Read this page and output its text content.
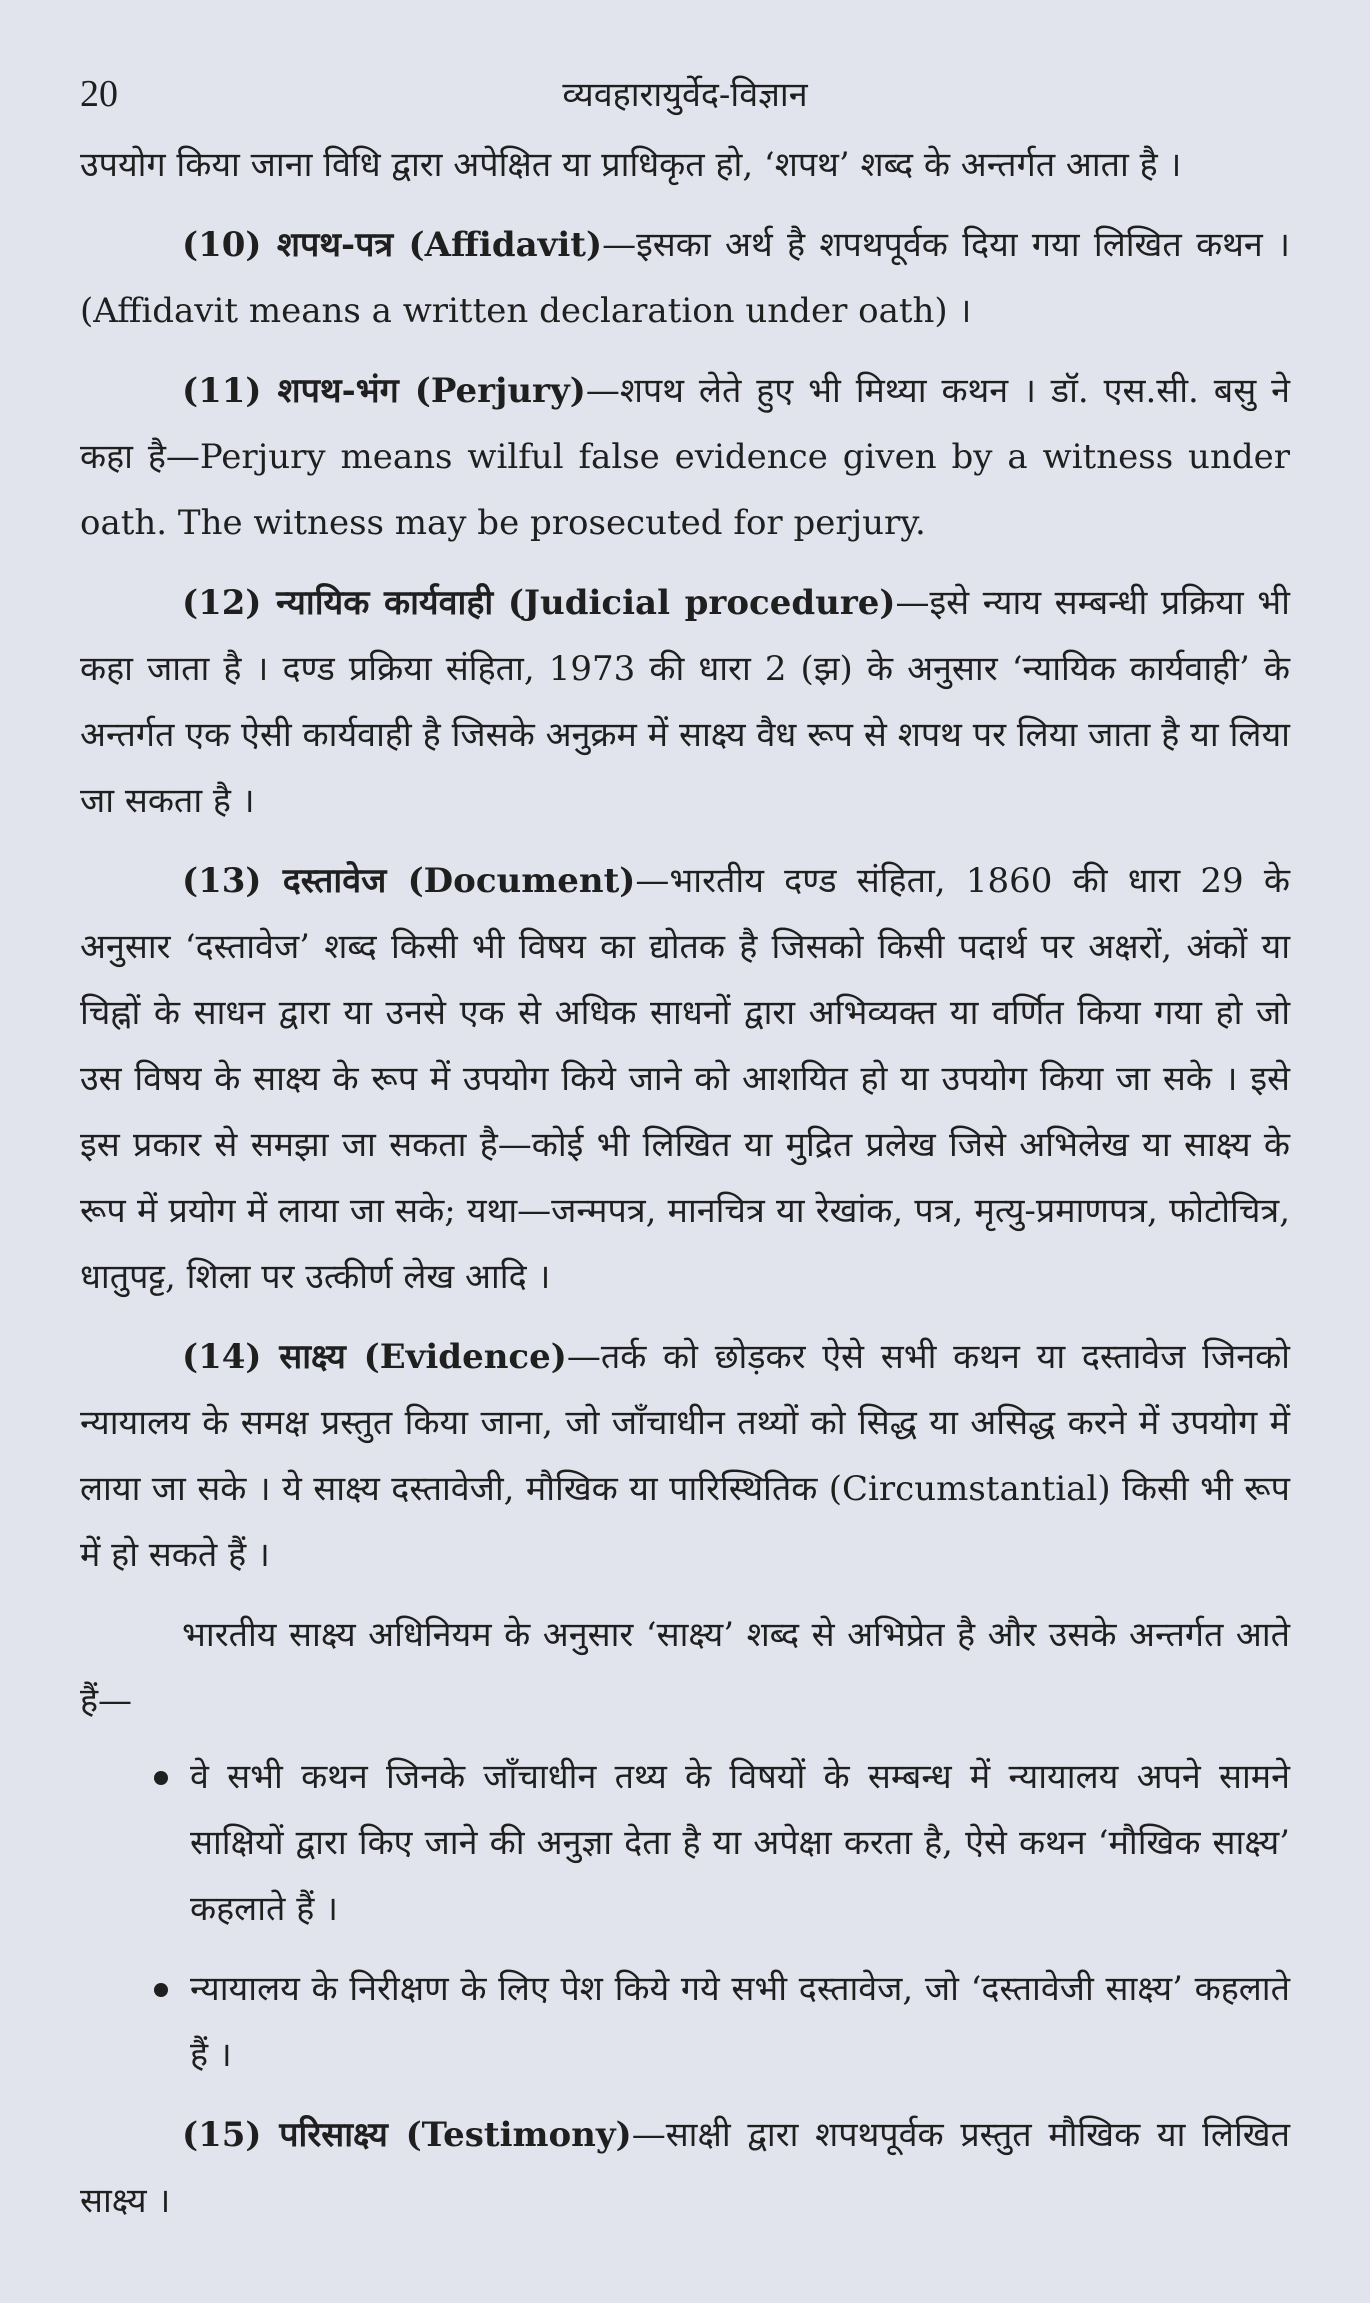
20	व्यवहारायुर्वेद-विज्ञान

उपयोग किया जाना विधि द्वारा अपेक्षित या प्राधिकृत हो, ‘शपथ’ शब्द के अन्तर्गत आता है ।

(10) शपथ-पत्र (Affidavit)—इसका अर्थ है शपथपूर्वक दिया गया लिखित कथन । (Affidavit means a written declaration under oath) ।

(11) शपथ-भंग (Perjury)—शपथ लेते हुए भी मिथ्या कथन । डॉ. एस.सी. बसु ने कहा है—Perjury means wilful false evidence given by a witness under oath. The witness may be prosecuted for perjury.

(12) न्यायिक कार्यवाही (Judicial procedure)—इसे न्याय सम्बन्धी प्रक्रिया भी कहा जाता है । दण्ड प्रक्रिया संहिता, 1973 की धारा 2 (झ) के अनुसार ‘न्यायिक कार्यवाही’ के अन्तर्गत एक ऐसी कार्यवाही है जिसके अनुक्रम में साक्ष्य वैध रूप से शपथ पर लिया जाता है या लिया जा सकता है ।

(13) दस्तावेज (Document)—भारतीय दण्ड संहिता, 1860 की धारा 29 के अनुसार ‘दस्तावेज’ शब्द किसी भी विषय का द्योतक है जिसको किसी पदार्थ पर अक्षरों, अंकों या चिह्नों के साधन द्वारा या उनसे एक से अधिक साधनों द्वारा अभिव्यक्त या वर्णित किया गया हो जो उस विषय के साक्ष्य के रूप में उपयोग किये जाने को आशयित हो या उपयोग किया जा सके । इसे इस प्रकार से समझा जा सकता है—कोई भी लिखित या मुद्रित प्रलेख जिसे अभिलेख या साक्ष्य के रूप में प्रयोग में लाया जा सके; यथा—जन्मपत्र, मानचित्र या रेखांक, पत्र, मृत्यु-प्रमाणपत्र, फोटोचित्र, धातुपट्ट, शिला पर उत्कीर्ण लेख आदि ।

(14) साक्ष्य (Evidence)—तर्क को छोड़कर ऐसे सभी कथन या दस्तावेज जिनको न्यायालय के समक्ष प्रस्तुत किया जाना, जो जाँचाधीन तथ्यों को सिद्ध या असिद्ध करने में उपयोग में लाया जा सके । ये साक्ष्य दस्तावेजी, मौखिक या पारिस्थितिक (Circumstantial) किसी भी रूप में हो सकते हैं ।

भारतीय साक्ष्य अधिनियम के अनुसार ‘साक्ष्य’ शब्द से अभिप्रेत है और उसके अन्तर्गत आते हैं—

वे सभी कथन जिनके जाँचाधीन तथ्य के विषयों के सम्बन्ध में न्यायालय अपने सामने साक्षियों द्वारा किए जाने की अनुज्ञा देता है या अपेक्षा करता है, ऐसे कथन ‘मौखिक साक्ष्य’ कहलाते हैं ।
न्यायालय के निरीक्षण के लिए पेश किये गये सभी दस्तावेज, जो ‘दस्तावेजी साक्ष्य’ कहलाते हैं ।

(15) परिसाक्ष्य (Testimony)—साक्षी द्वारा शपथपूर्वक प्रस्तुत मौखिक या लिखित साक्ष्य ।
